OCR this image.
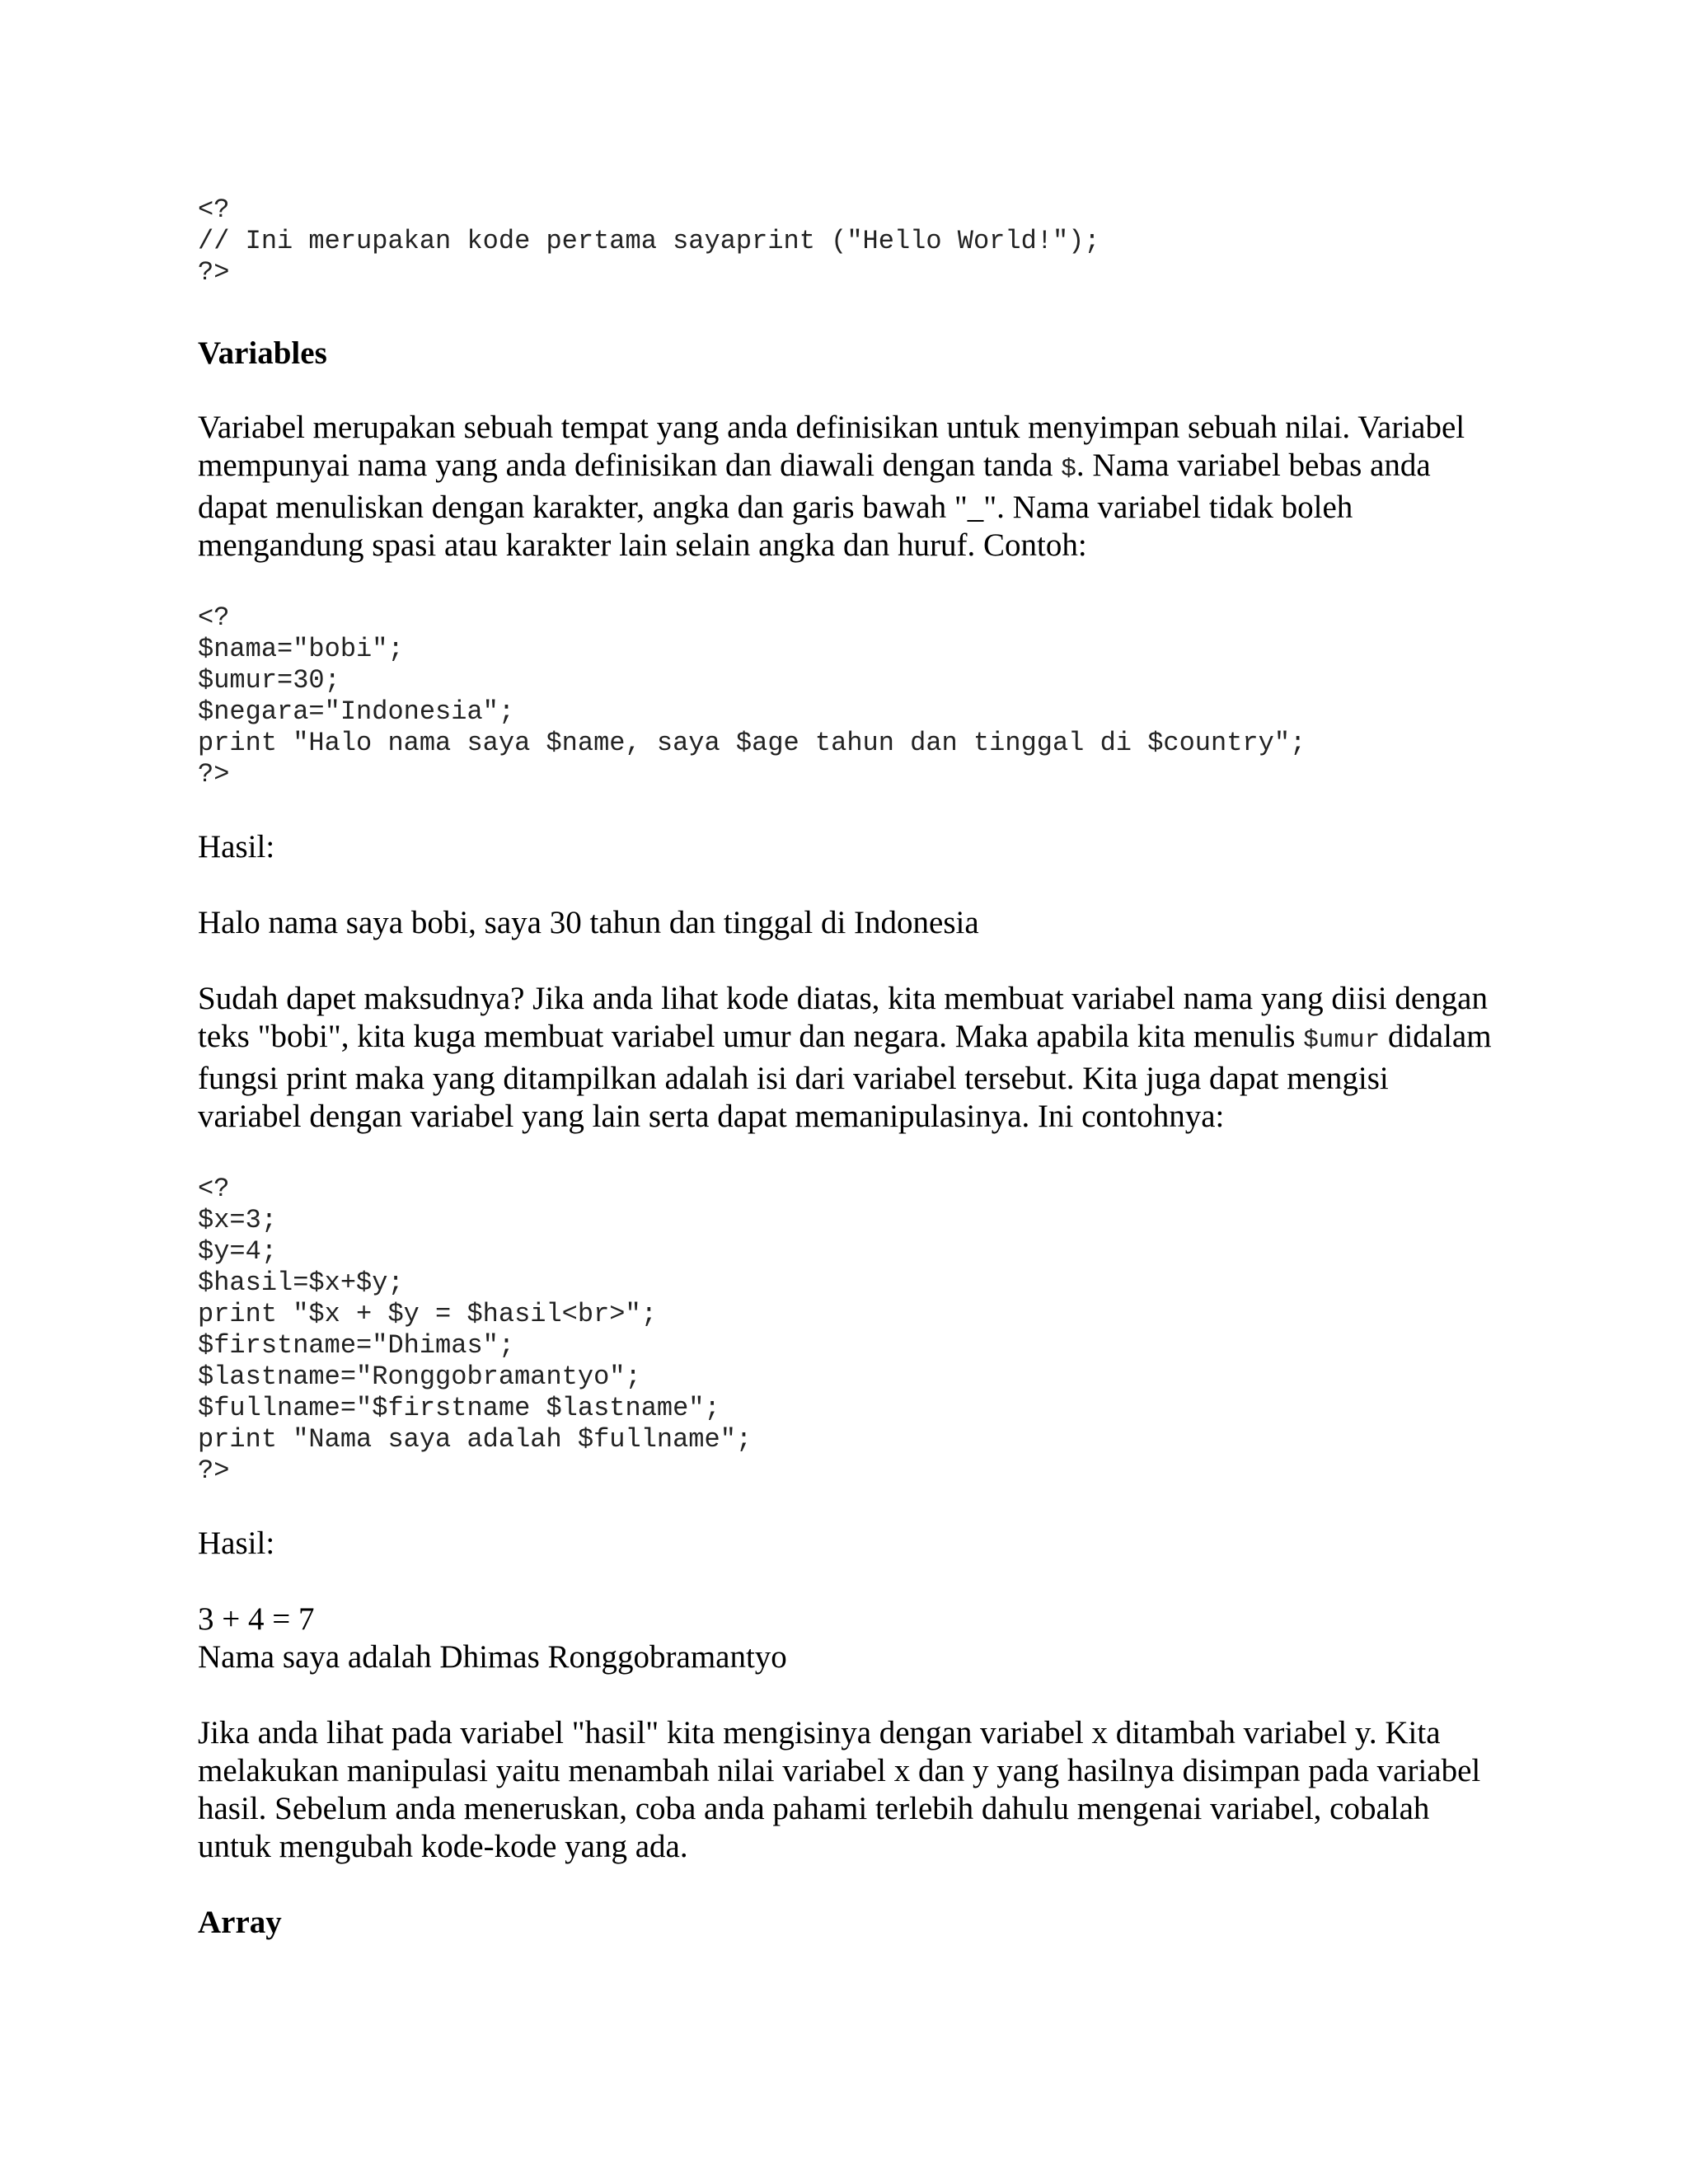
<?
// Ini merupakan kode pertama sayaprint ("Hello World!");
?>
Variables

Variabel merupakan sebuah tempat yang anda definisikan untuk menyimpan sebuah nilai. Variabel mempunyai nama yang anda definisikan dan diawali dengan tanda $. Nama variabel bebas anda dapat menuliskan dengan karakter, angka dan garis bawah "_". Nama variabel tidak boleh mengandung spasi atau karakter lain selain angka dan huruf. Contoh:

<?
$nama="bobi";
$umur=30;
$negara="Indonesia";
print "Halo nama saya $name, saya $age tahun dan tinggal di $country";
?>

Hasil:

Halo nama saya bobi, saya 30 tahun dan tinggal di Indonesia

Sudah dapet maksudnya? Jika anda lihat kode diatas, kita membuat variabel nama yang diisi dengan teks "bobi", kita kuga membuat variabel umur dan negara. Maka apabila kita menulis $umur didalam fungsi print maka yang ditampilkan adalah isi dari variabel tersebut. Kita juga dapat mengisi variabel dengan variabel yang lain serta dapat memanipulasinya. Ini contohnya:

<?
$x=3;
$y=4;
$hasil=$x+$y;
print "$x + $y = $hasil<br>";
$firstname="Dhimas";
$lastname="Ronggobramantyo";
$fullname="$firstname $lastname";
print "Nama saya adalah $fullname";
?>

Hasil:

3 + 4 = 7
Nama saya adalah Dhimas Ronggobramantyo

Jika anda lihat pada variabel "hasil" kita mengisinya dengan variabel x ditambah variabel y. Kita melakukan manipulasi yaitu menambah nilai variabel x dan y yang hasilnya disimpan pada variabel hasil. Sebelum anda meneruskan, coba anda pahami terlebih dahulu mengenai variabel, cobalah untuk mengubah kode-kode yang ada.

Array
